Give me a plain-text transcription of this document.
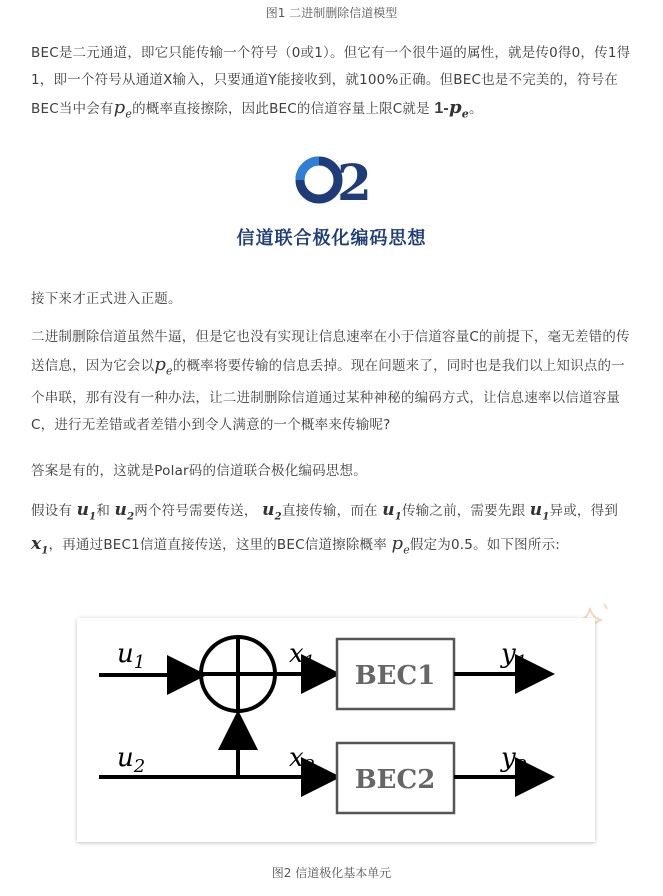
图1 二进制删除信道模型
BEC是二元通道，即它只能传输一个符号（0或1）。但它有一个很牛逼的属性，就是传0得0，传1得1，即一个符号从通道X输入，只要通道Y能接收到，就100%正确。但BEC也是不完美的，符号在BEC当中会有$p_e$的概率直接擦除，因此BEC的信道容量上限C就是 $1-p_e$。
2
信道联合极化编码思想
接下来才正式进入正题。
二进制删除信道虽然牛逼，但是它也没有实现让信息速率在小于信道容量C的前提下，毫无差错的传送信息，因为它会以$p_e$的概率将要传输的信息丢掉。现在问题来了，同时也是我们以上知识点的一个串联，那有没有一种办法，让二进制删除信道通过某种神秘的编码方式，让信息速率以信道容量C，进行无差错或者差错小到令人满意的一个概率来传输呢?
答案是有的，这就是Polar码的信道联合极化编码思想。
假设有 $u_1$和 $u_2$两个符号需要传送， $u_2$直接传输，而在 $u_1$传输之前，需要先跟 $u_1$异或，得到 $x_1$，再通过BEC1信道直接传送，这里的BEC信道擦除概率 $p_e$假定为0.5。如下图所示:
BEC1
BEC2
$u_1$
$u_2$
$x_1$
$x_2$
$y_1$
$y_2$
图2 信道极化基本单元
